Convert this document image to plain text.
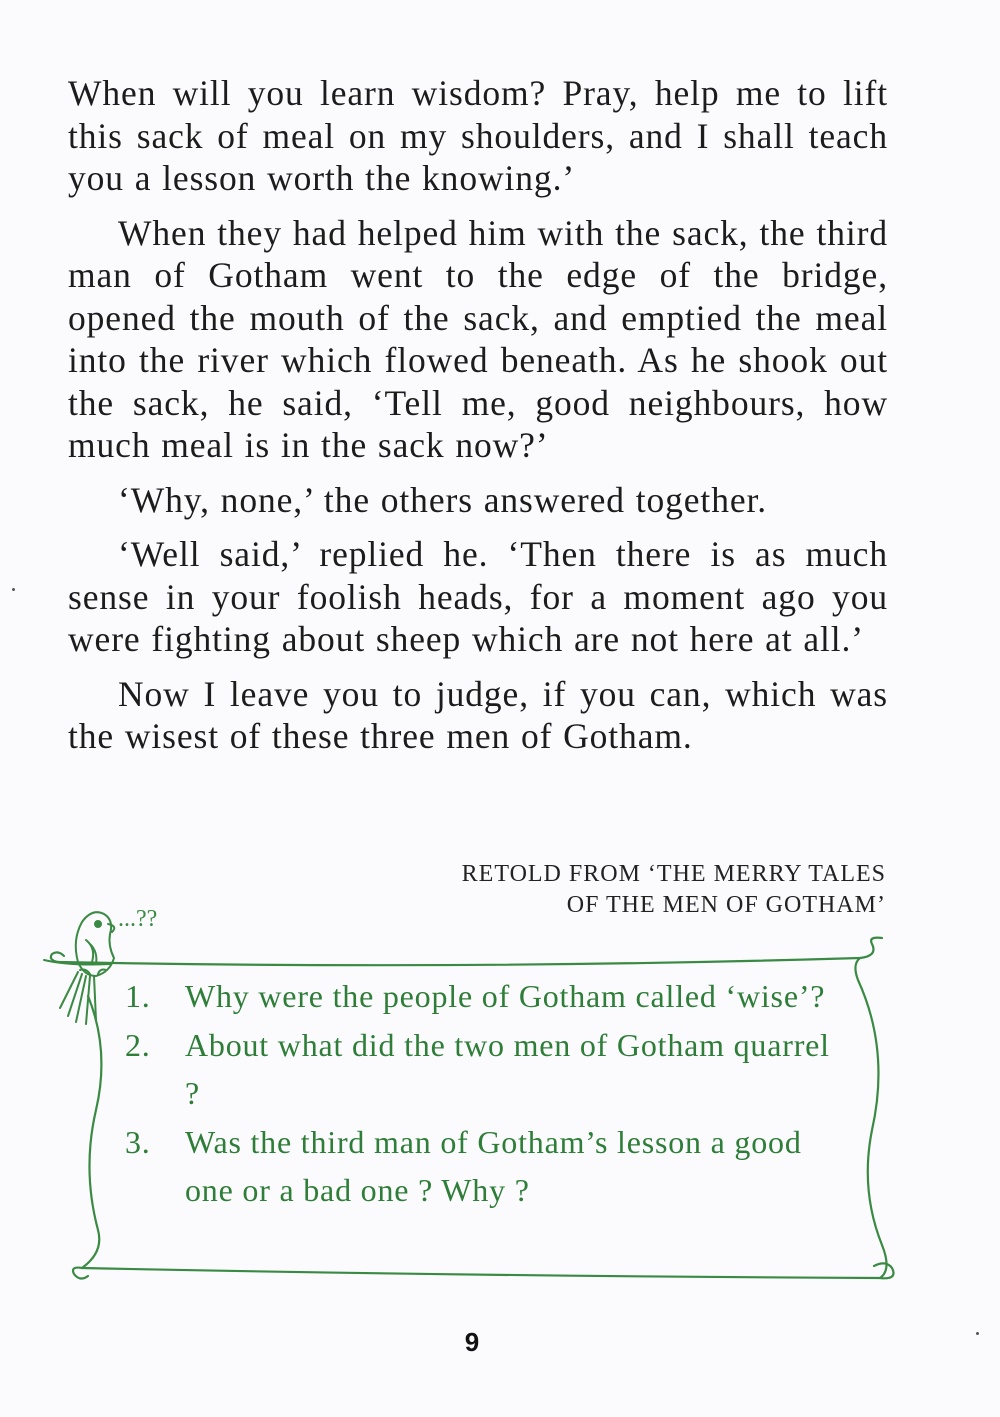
When will you learn wisdom? Pray, help me to lift this sack of meal on my shoulders, and I shall teach you a lesson worth the knowing.’

When they had helped him with the sack, the third man of Gotham went to the edge of the bridge, opened the mouth of the sack, and emptied the meal into the river which flowed beneath. As he shook out the sack, he said, ‘Tell me, good neighbours, how much meal is in the sack now?’

‘Why, none,’ the others answered together.

‘Well said,’ replied he. ‘Then there is as much sense in your foolish heads, for a moment ago you were fighting about sheep which are not here at all.’

Now I leave you to judge, if you can, which was the wisest of these three men of Gotham.

RETOLD FROM ‘THE MERRY TALES
OF THE MEN OF GOTHAM’
...??
1. Why were the people of Gotham called ‘wise’?
2. About what did the two men of Gotham quarrel ?
3. Was the third man of Gotham’s lesson a good one or a bad one ? Why ?
9
